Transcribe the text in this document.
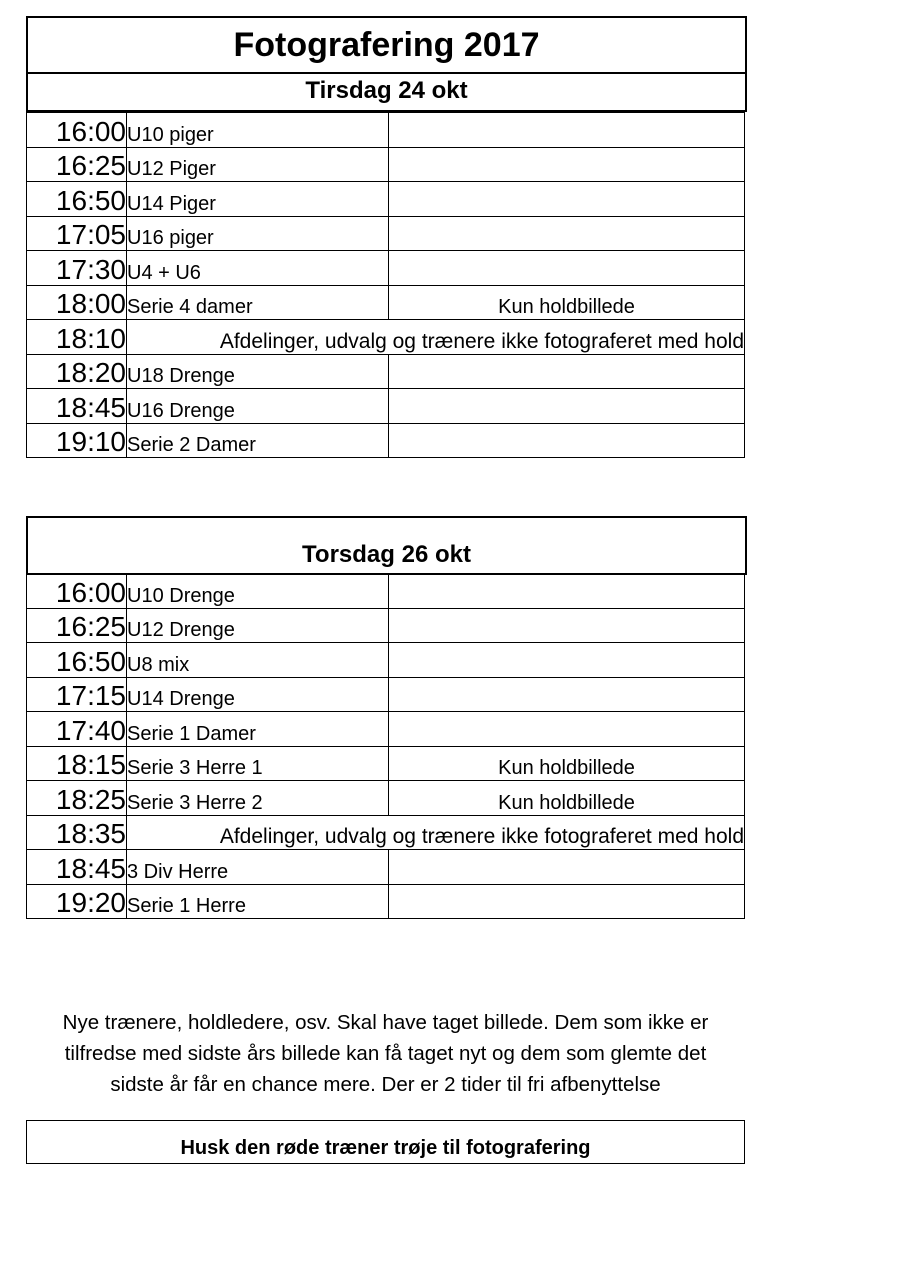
Fotografering 2017
Tirsdag 24 okt
16:00	U10 piger	
16:25	U12 Piger	
16:50	U14 Piger	
17:05	U16 piger	
17:30	U4 + U6	
18:00	Serie 4 damer	Kun holdbillede
18:10	Afdelinger, udvalg og trænere ikke fotograferet med hold	
18:20	U18 Drenge	
18:45	U16 Drenge	
19:10	Serie 2 Damer	
Torsdag 26 okt
16:00	U10 Drenge	
16:25	U12 Drenge	
16:50	U8 mix	
17:15	U14 Drenge	
17:40	Serie 1 Damer	
18:15	Serie 3 Herre 1	Kun holdbillede
18:25	Serie 3 Herre 2	Kun holdbillede
18:35	Afdelinger, udvalg og trænere ikke fotograferet med hold	
18:45	3 Div Herre	
19:20	Serie 1 Herre	
Nye trænere, holdledere, osv. Skal have taget billede. Dem som ikke er
tilfredse med sidste års billede kan få taget nyt og dem som glemte det
sidste år får en chance mere. Der er 2 tider til fri afbenyttelse
Husk den røde træner trøje til fotografering
